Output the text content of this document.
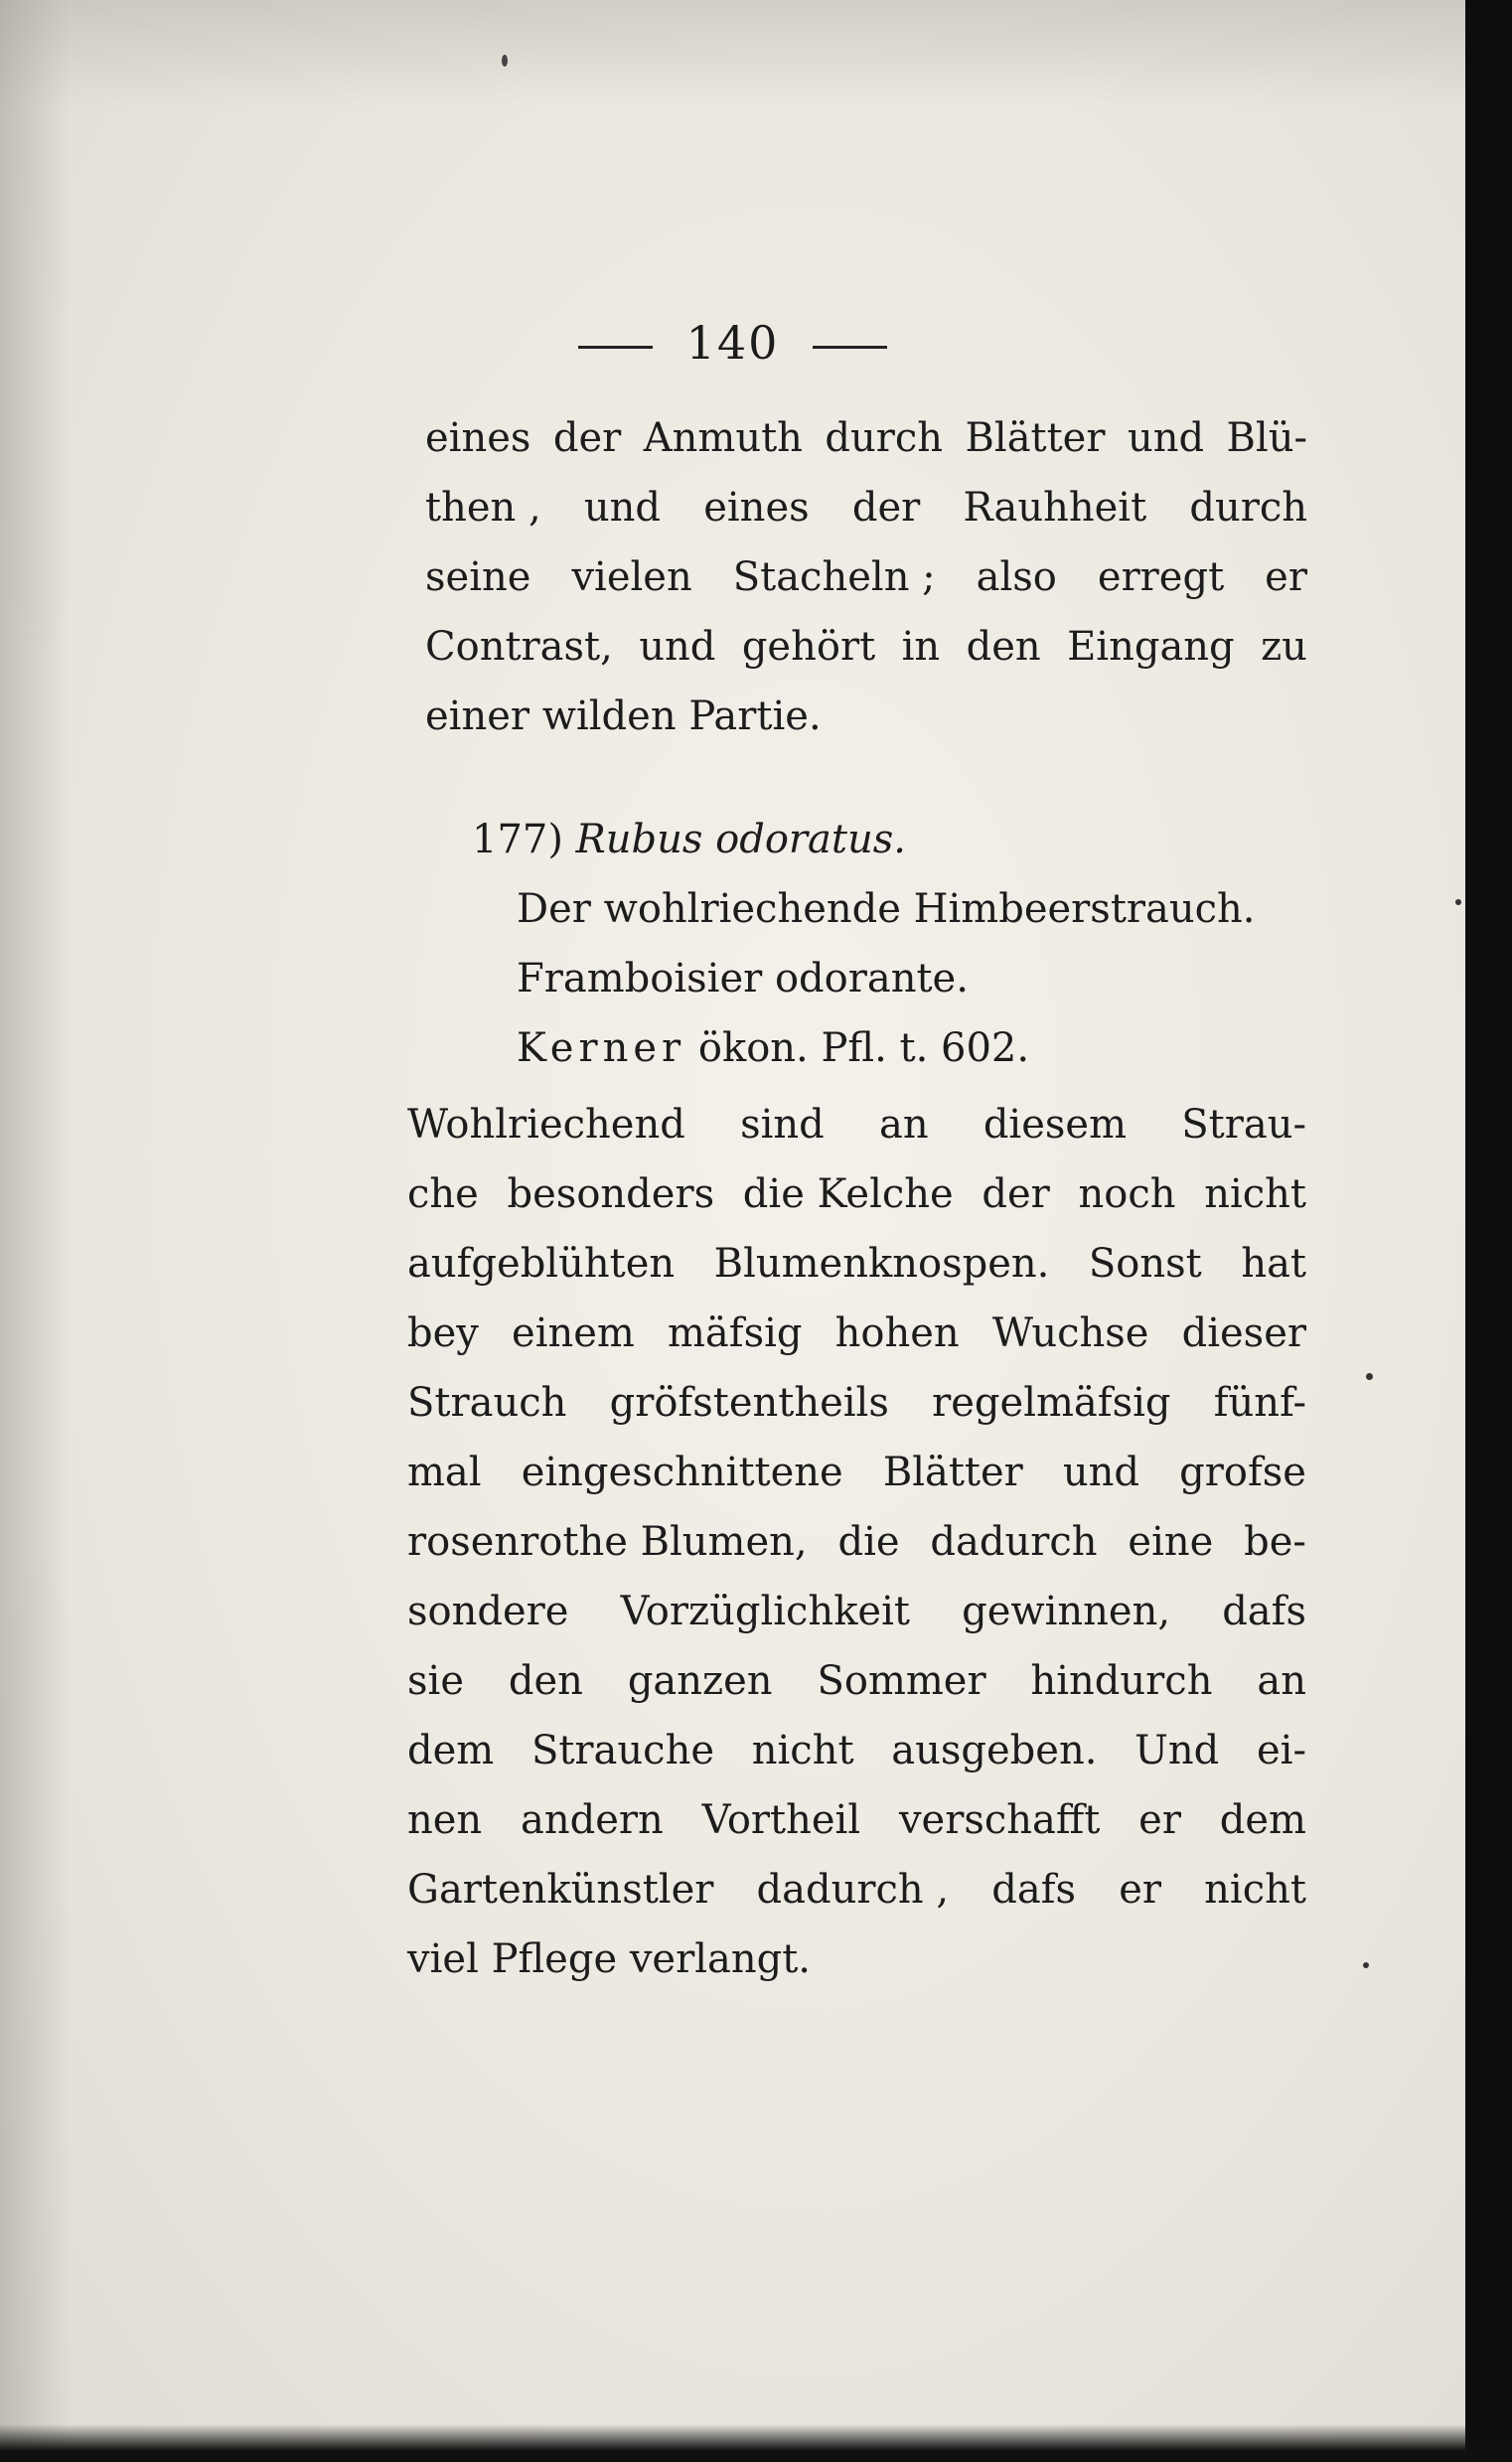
140
eines der Anmuth durch Blätter und Blü-
then , und eines der Rauhheit durch
seine vielen Stacheln ; also erregt er
Contrast, und gehört in den Eingang zu
einer wilden Partie.
177) Rubus odoratus.
Der wohlriechende Himbeerstrauch.
Framboisier odorante.
Kerner ökon. Pfl. t. 602.
Wohlriechend sind an diesem Strau-
che besonders die Kelche der noch nicht
aufgeblühten Blumenknospen. Sonst hat
bey einem mäfsig hohen Wuchse dieser
Strauch gröfstentheils regelmäfsig fünf-
mal eingeschnittene Blätter und grofse
rosenrothe Blumen, die dadurch eine be-
sondere Vorzüglichkeit gewinnen, dafs
sie den ganzen Sommer hindurch an
dem Strauche nicht ausgeben. Und ei-
nen andern Vortheil verschafft er dem
Gartenkünstler dadurch , dafs er nicht
viel Pflege verlangt.
